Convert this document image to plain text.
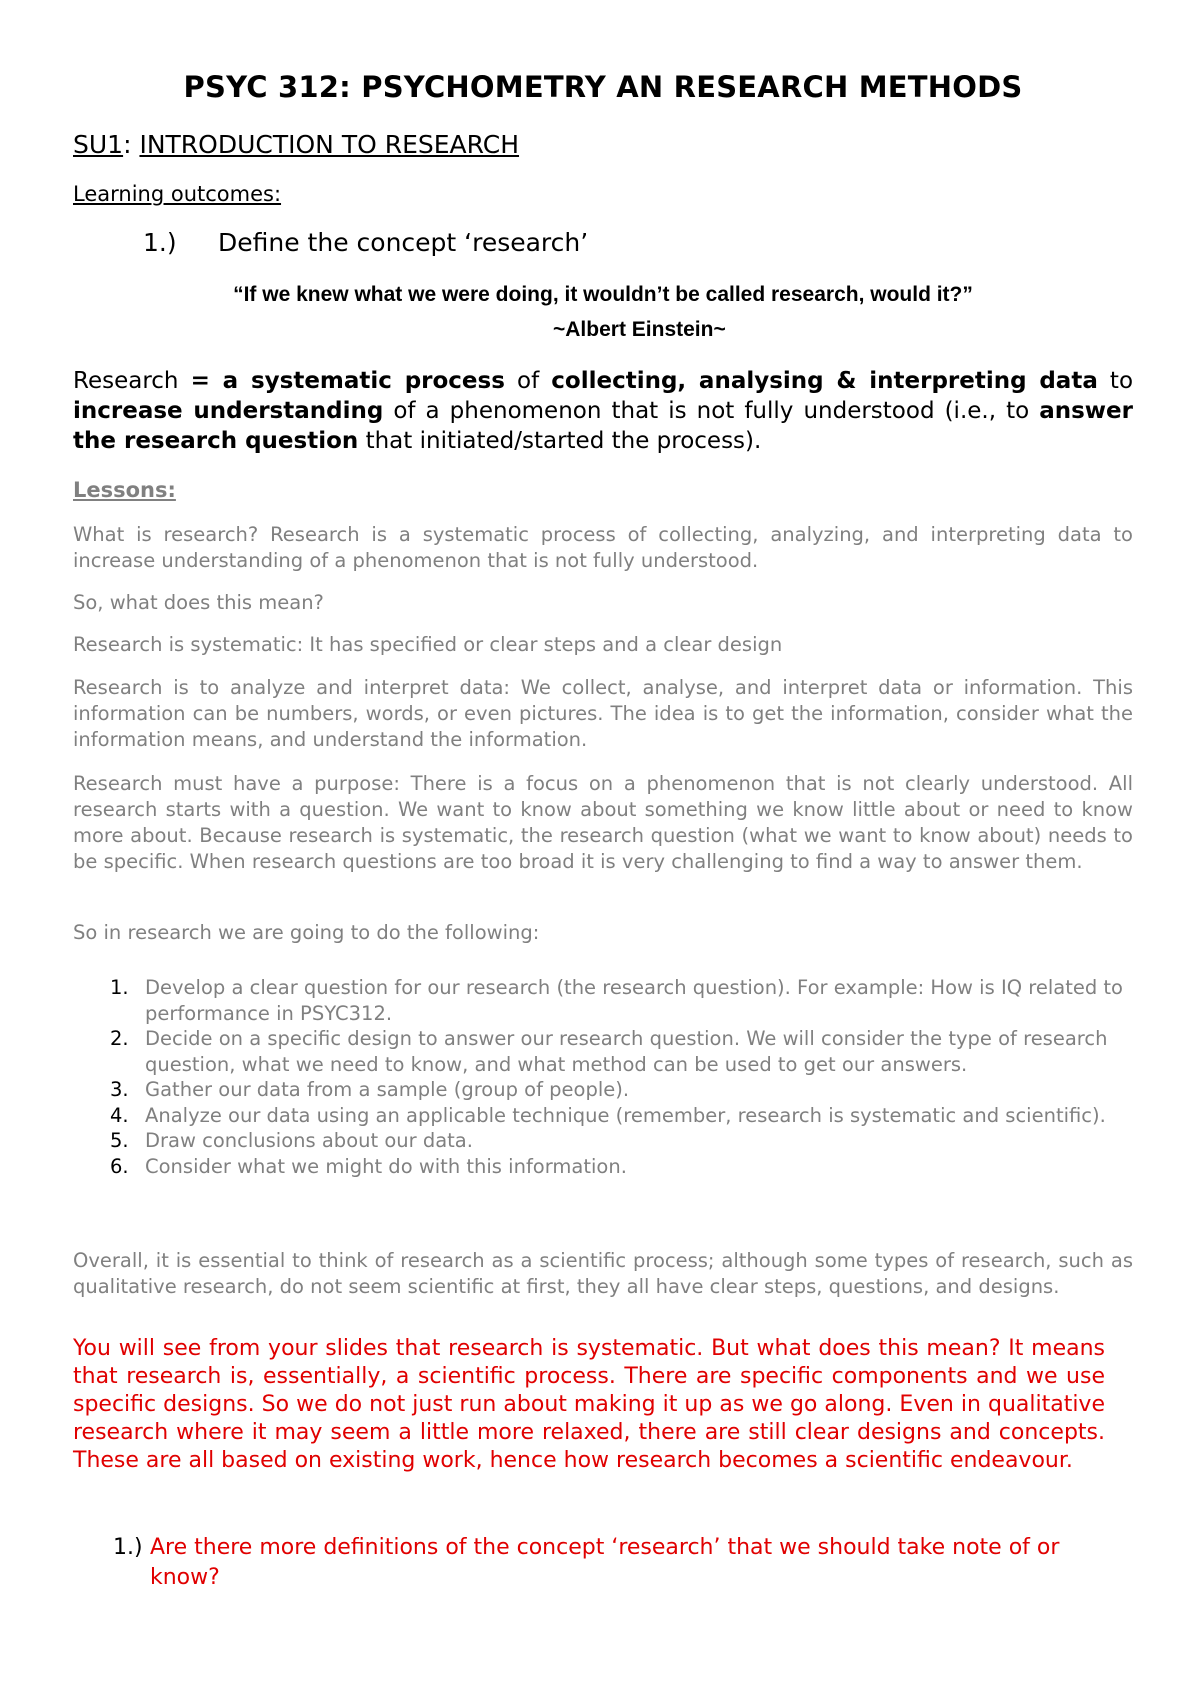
PSYC 312: PSYCHOMETRY AN RESEARCH METHODS
SU1: INTRODUCTION TO RESEARCH
Learning outcomes:
1.) Define the concept ‘research’
“If we knew what we were doing, it wouldn’t be called research, would it?”
~Albert Einstein~

Research = a systematic process of collecting, analysing & interpreting data to increase understanding of a phenomenon that is not fully understood (i.e., to answer the research question that initiated/started the process).

Lessons:

What is research? Research is a systematic process of collecting, analyzing, and interpreting data to increase understanding of a phenomenon that is not fully understood.

So, what does this mean?

Research is systematic: It has specified or clear steps and a clear design

Research is to analyze and interpret data: We collect, analyse, and interpret data or information. This information can be numbers, words, or even pictures. The idea is to get the information, consider what the information means, and understand the information.

Research must have a purpose: There is a focus on a phenomenon that is not clearly understood. All research starts with a question. We want to know about something we know little about or need to know more about. Because research is systematic, the research question (what we want to know about) needs to be specific. When research questions are too broad it is very challenging to find a way to answer them.

So in research we are going to do the following:

1. Develop a clear question for our research (the research question). For example: How is IQ related to performance in PSYC312.
2. Decide on a specific design to answer our research question. We will consider the type of research question, what we need to know, and what method can be used to get our answers.
3. Gather our data from a sample (group of people).
4. Analyze our data using an applicable technique (remember, research is systematic and scientific).
5. Draw conclusions about our data.
6. Consider what we might do with this information.

Overall, it is essential to think of research as a scientific process; although some types of research, such as qualitative research, do not seem scientific at first, they all have clear steps, questions, and designs.

You will see from your slides that research is systematic. But what does this mean? It means that research is, essentially, a scientific process. There are specific components and we use specific designs. So we do not just run about making it up as we go along. Even in qualitative research where it may seem a little more relaxed, there are still clear designs and concepts. These are all based on existing work, hence how research becomes a scientific endeavour.

1.) Are there more definitions of the concept ‘research’ that we should take note of or know?
